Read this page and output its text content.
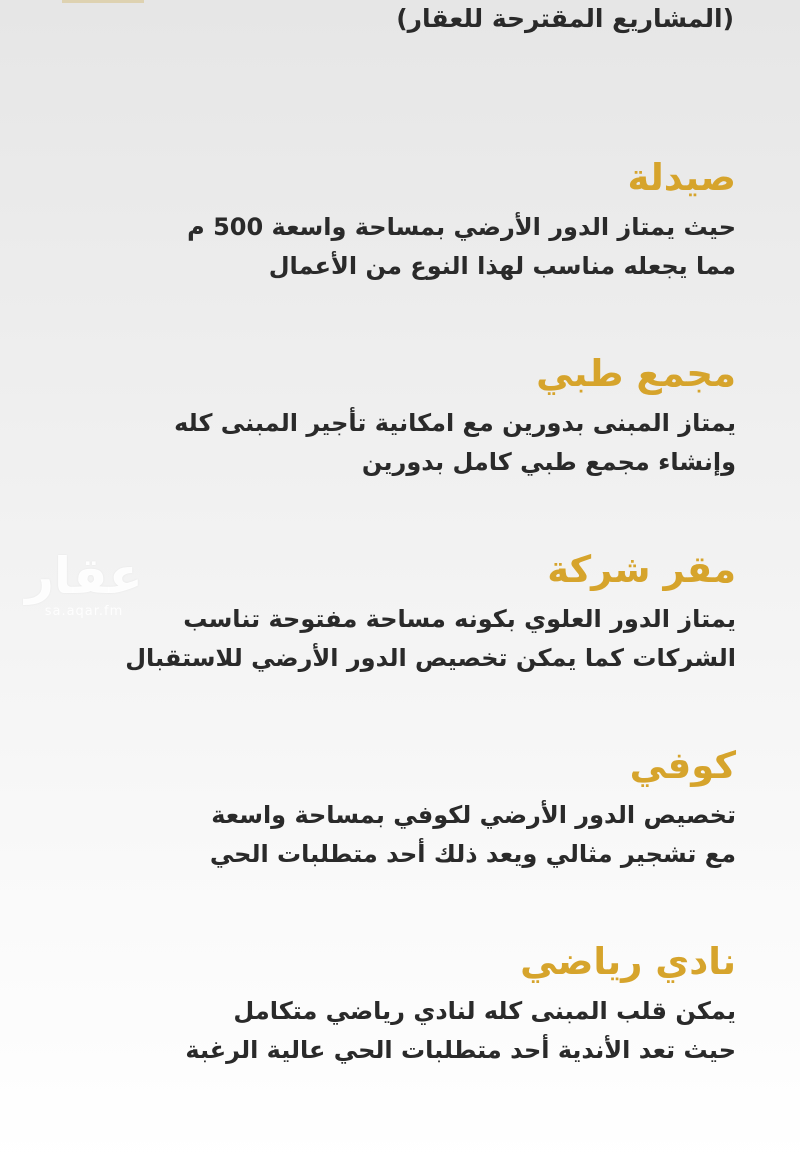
(المشاريع المقترحة للعقار)
صيدلة

حيث يمتاز الدور الأرضي بمساحة واسعة 500 م
مما يجعله مناسب لهذا النوع من الأعمال

مجمع طبي

يمتاز المبنى بدورين مع امكانية تأجير المبنى كله
وإنشاء مجمع طبي كامل بدورين

مقر شركة

يمتاز الدور العلوي بكونه مساحة مفتوحة تناسب
الشركات كما يمكن تخصيص الدور الأرضي للاستقبال

كوفي

تخصيص الدور الأرضي لكوفي بمساحة واسعة
مع تشجير مثالي ويعد ذلك أحد متطلبات الحي

نادي رياضي

يمكن قلب المبنى كله لنادي رياضي متكامل
حيث تعد الأندية أحد متطلبات الحي عالية الرغبة

عقار
sa.aqar.fm
